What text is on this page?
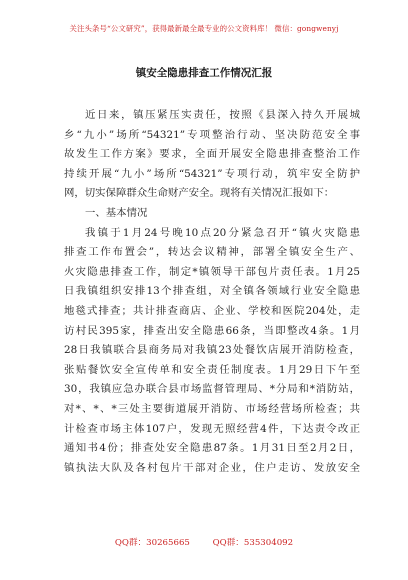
关注头条号“公文研究”，获得最新最全最专业的公文资料库！ 微信：gongwenyj
镇安全隐患排查工作情况汇报
近日来，镇压紧压实责任，按照《县深入持久开展城
乡“九小”场所“54321”专项整治行动、坚决防范安全事
故发生工作方案》要求，全面开展安全隐患排查整治工作
持续开展“九小”场所“54321”专项行动，筑牢安全防护
网，切实保障群众生命财产安全。现将有关情况汇报如下：
一、基本情况
我镇于1月24号晚10点20分紧急召开“镇火灾隐患
排查工作布置会”，转达会议精神，部署全镇安全生产、
火灾隐患排查工作，制定*镇领导干部包片责任表。1月25
日我镇组织安排13个排查组，对全镇各领域行业安全隐患
地毯式排查；共计排查商店、企业、学校和医院204处，走
访村民395家，排查出安全隐患66条，当即整改4条。1月
28日我镇联合县商务局对我镇23处餐饮店展开消防检查，
张贴餐饮安全宣传单和安全责任制度表。1月29日下午至
30，我镇应急办联合县市场监督管理局、*分局和*消防站，
对*、*、*三处主要街道展开消防、市场经营场所检查；共
计检查市场主体107户，发现无照经营4件，下达责令改正
通知书4份；排查处安全隐患87条。1月31日至2月2日，
镇执法大队及各村包片干部对企业，住户走访、发放安全
QQ群：30265665	QQ群：535304092
